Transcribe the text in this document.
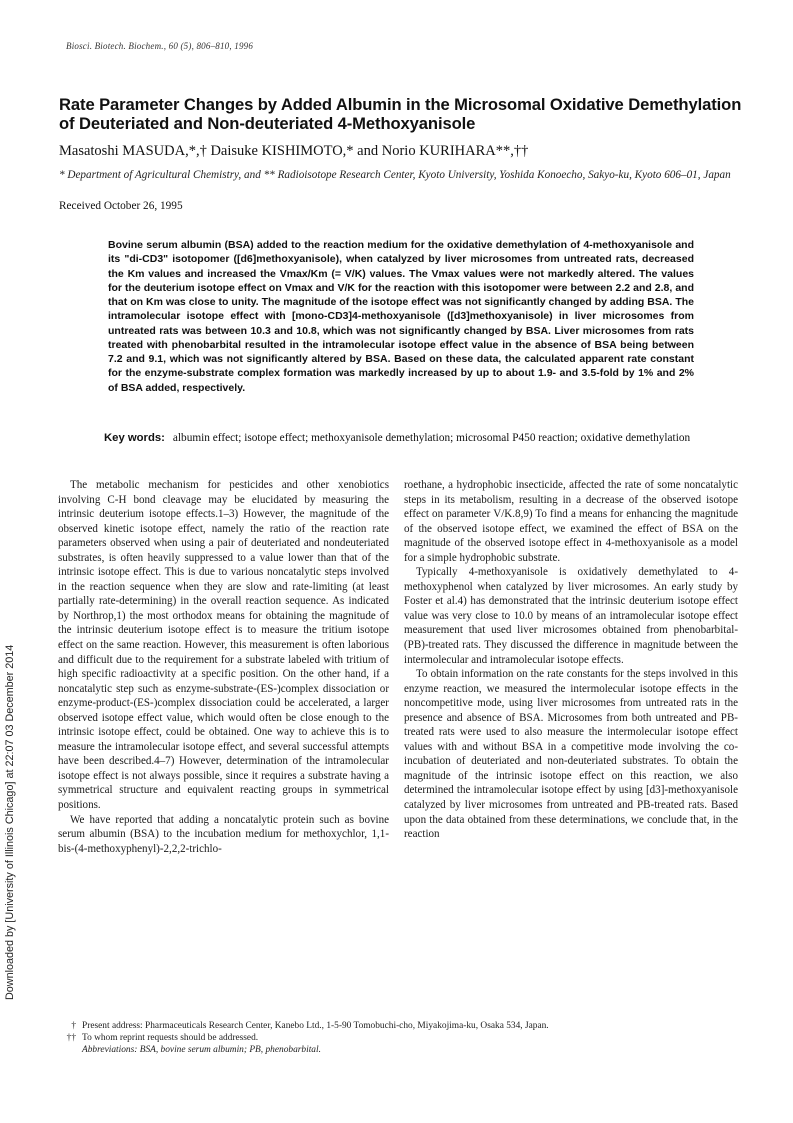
Biosci. Biotech. Biochem., 60 (5), 806–810, 1996
Rate Parameter Changes by Added Albumin in the Microsomal Oxidative Demethylation of Deuteriated and Non-deuteriated 4-Methoxyanisole
Masatoshi MASUDA,*,† Daisuke KISHIMOTO,* and Norio KURIHARA**,††
* Department of Agricultural Chemistry, and ** Radioisotope Research Center, Kyoto University, Yoshida Konoecho, Sakyo-ku, Kyoto 606–01, Japan
Received October 26, 1995
Bovine serum albumin (BSA) added to the reaction medium for the oxidative demethylation of 4-methoxyanisole and its "di-CD3" isotopomer ([d6]methoxyanisole), when catalyzed by liver microsomes from untreated rats, decreased the Km values and increased the Vmax/Km (= V/K) values. The Vmax values were not markedly altered. The values for the deuterium isotope effect on Vmax and V/K for the reaction with this isotopomer were between 2.2 and 2.8, and that on Km was close to unity. The magnitude of the isotope effect was not significantly changed by adding BSA. The intramolecular isotope effect with [mono-CD3]4-methoxyanisole ([d3]methoxyanisole) in liver microsomes from untreated rats was between 10.3 and 10.8, which was not significantly changed by BSA. Liver microsomes from rats treated with phenobarbital resulted in the intramolecular isotope effect value in the absence of BSA being between 7.2 and 9.1, which was not significantly altered by BSA. Based on these data, the calculated apparent rate constant for the enzyme-substrate complex formation was markedly increased by up to about 1.9- and 3.5-fold by 1% and 2% of BSA added, respectively.
Key words: albumin effect; isotope effect; methoxyanisole demethylation; microsomal P450 reaction; oxidative demethylation

The metabolic mechanism for pesticides and other xenobiotics involving C-H bond cleavage may be elucidated by measuring the intrinsic deuterium isotope effects.1–3) However, the magnitude of the observed kinetic isotope effect, namely the ratio of the reaction rate parameters observed when using a pair of deuteriated and nondeuteriated substrates, is often heavily suppressed to a value lower than that of the intrinsic isotope effect. This is due to various noncatalytic steps involved in the reaction sequence when they are slow and rate-limiting (at least partially rate-determining) in the overall reaction sequence. As indicated by Northrop,1) the most orthodox means for obtaining the magnitude of the intrinsic deuterium isotope effect is to measure the tritium isotope effect on the same reaction. However, this measurement is often laborious and difficult due to the requirement for a substrate labeled with tritium of high specific radioactivity at a specific position. On the other hand, if a noncatalytic step such as enzyme-substrate-(ES-)complex dissociation or enzyme-product-(ES-)complex dissociation could be accelerated, a larger observed isotope effect value, which would often be close enough to the intrinsic isotope effect, could be obtained. One way to achieve this is to measure the intramolecular isotope effect, and several successful attempts have been described.4–7) However, determination of the intramolecular isotope effect is not always possible, since it requires a substrate having a symmetrical structure and equivalent reacting groups in symmetrical positions.

We have reported that adding a noncatalytic protein such as bovine serum albumin (BSA) to the incubation medium for methoxychlor, 1,1-bis-(4-methoxyphenyl)-2,2,2-trichlo-

roethane, a hydrophobic insecticide, affected the rate of some noncatalytic steps in its metabolism, resulting in a decrease of the observed isotope effect on parameter V/K.8,9) To find a means for enhancing the magnitude of the observed isotope effect, we examined the effect of BSA on the magnitude of the observed isotope effect in 4-methoxyanisole as a model for a simple hydrophobic substrate.

Typically 4-methoxyanisole is oxidatively demethylated to 4-methoxyphenol when catalyzed by liver microsomes. An early study by Foster et al.4) has demonstrated that the intrinsic deuterium isotope effect value was very close to 10.0 by means of an intramolecular isotope effect measurement that used liver microsomes obtained from phenobarbital-(PB)-treated rats. They discussed the difference in magnitude between the intermolecular and intramolecular isotope effects.

To obtain information on the rate constants for the steps involved in this enzyme reaction, we measured the intermolecular isotope effects in the noncompetitive mode, using liver microsomes from untreated rats in the presence and absence of BSA. Microsomes from both untreated and PB-treated rats were used to also measure the intermolecular isotope effect values with and without BSA in a competitive mode involving the co-incubation of deuteriated and non-deuteriated substrates. To obtain the magnitude of the intrinsic isotope effect on this reaction, we also determined the intramolecular isotope effect by using [d3]-methoxyanisole catalyzed by liver microsomes from untreated and PB-treated rats. Based upon the data obtained from these determinations, we conclude that, in the reaction

† Present address: Pharmaceuticals Research Center, Kanebo Ltd., 1-5-90 Tomobuchi-cho, Miyakojima-ku, Osaka 534, Japan.
†† To whom reprint requests should be addressed.
Abbreviations: BSA, bovine serum albumin; PB, phenobarbital.
Downloaded by [University of Illinois Chicago] at 22:07 03 December 2014
